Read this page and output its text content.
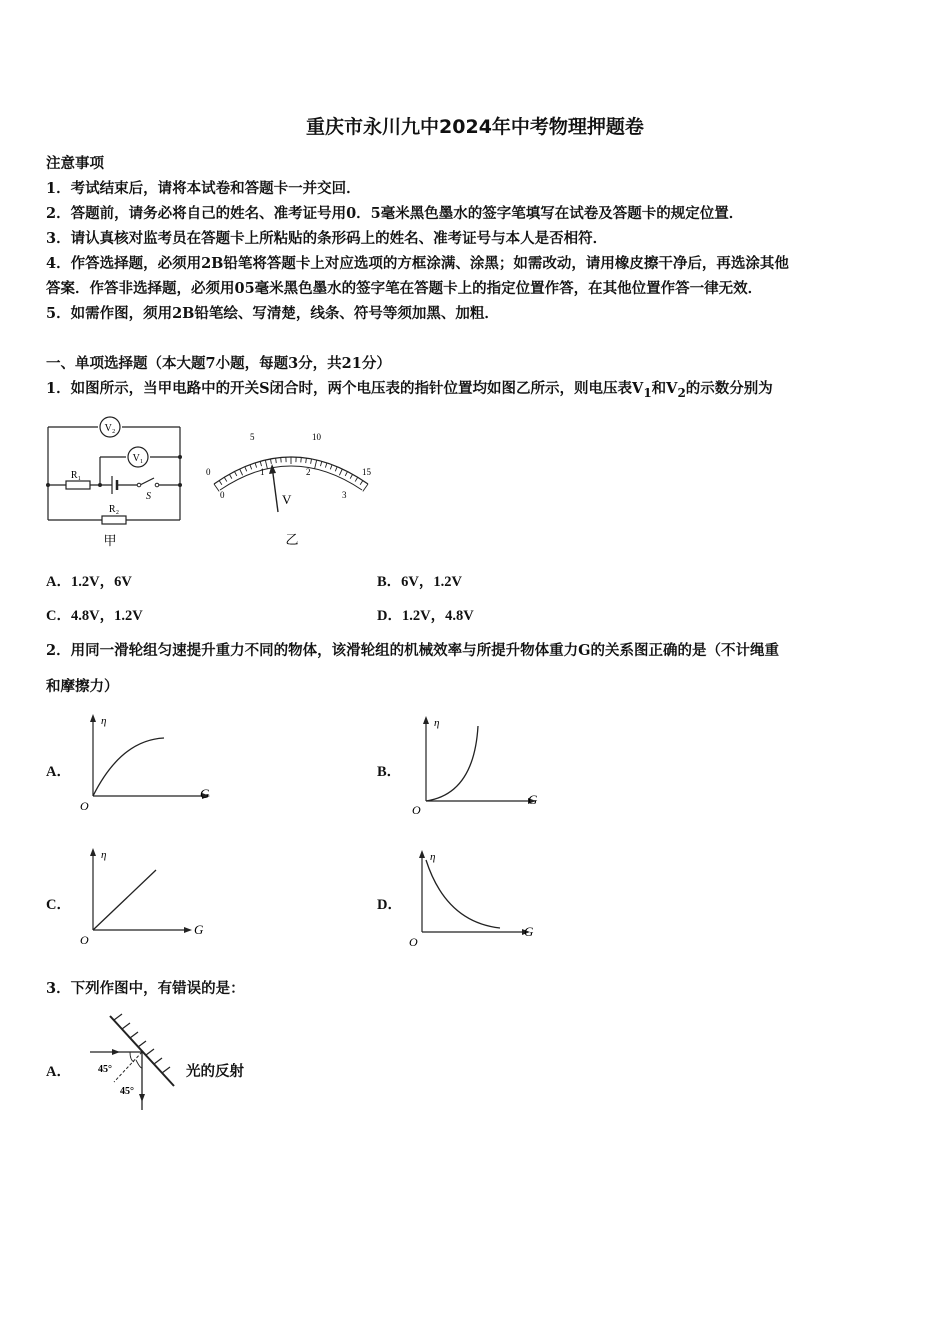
重庆市永川九中2024年中考物理押题卷
注意事项
1．考试结束后，请将本试卷和答题卡一并交回．
2．答题前，请务必将自己的姓名、准考证号用0．5毫米黑色墨水的签字笔填写在试卷及答题卡的规定位置．
3．请认真核对监考员在答题卡上所粘贴的条形码上的姓名、准考证号与本人是否相符．
4．作答选择题，必须用2B铅笔将答题卡上对应选项的方框涂满、涂黑；如需改动，请用橡皮擦干净后，再选涂其他
答案．作答非选择题，必须用05毫米黑色墨水的签字笔在答题卡上的指定位置作答，在其他位置作答一律无效．
5．如需作图，须用2B铅笔绘、写清楚，线条、符号等须加黑、加粗．
一、单项选择题（本大题7小题，每题3分，共21分）
1．如图所示，当甲电路中的开关S闭合时，两个电压表的指针位置均如图乙所示，则电压表$V_1$和$V_2$的示数分别为
V₂
V₁
R₁
R₂
S
甲
0
5	10
15
0
1	2
3
V
乙
A．1.2V，6V	B．6V，1.2V
C．4.8V，1.2V	D．1.2V，4.8V
2．用同一滑轮组匀速提升重力不同的物体，该滑轮组的机械效率与所提升物体重力G的关系图正确的是（不计绳重
和摩擦力）
A．
η
G
O
B．
η
G
O
C．
η
G
O
D．
η
G
O
3．下列作图中，有错误的是：
A．	45°
45°
光的反射
